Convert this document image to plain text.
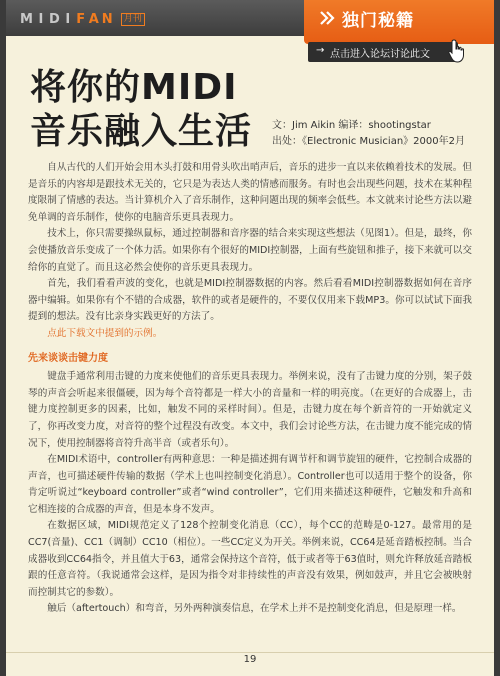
M I D I F A N	月刊	独门秘籍
→ 点击进入论坛讨论此文
将你的MIDI
音乐融入生活 文：Jim Aikin 编译：shootingstar
出处：《Electronic Musician》2000年2月

自从古代的人们开始会用木头打鼓和用骨头吹出哨声后，音乐的进步一直以来依赖着技术的发展。但是音乐的内容却是跟技术无关的，它只是为表达人类的情感而服务。有时也会出现些问题，技术在某种程度限制了情感的表达。当计算机介入了音乐制作，这种问题出现的频率会低些。本文就来讨论些方法以避免单调的音乐制作，使你的电脑音乐更具表现力。

技术上，你只需要操纵鼠标，通过控制器和音序器的结合来实现这些想法（见图1）。但是，最终，你会使播放音乐变成了一个体力活。如果你有个很好的MIDI控制器，上面有些旋钮和推子，接下来就可以交给你的直觉了。而且这必然会使你的音乐更具表现力。

首先，我们看看声波的变化，也就是MIDI控制器数据的内容。然后看看MIDI控制器数据如何在音序器中编辑。如果你有个不错的合成器，软件的或者是硬件的，不要仅仅用来下载MP3。你可以试试下面我提到的想法。没有比亲身实践更好的方法了。

点此下载文中提到的示例。

先来谈谈击键力度

键盘手通常利用击键的力度来使他们的音乐更具表现力。举例来说，没有了击键力度的分别，架子鼓琴的声音会听起来很僵硬，因为每个音符都是一样大小的音量和一样的明亮度。（在更好的合成器上，击键力度控制更多的因素，比如，触发不同的采样时间）。但是，击键力度在每个新音符的一开始就定义了，你再改变力度，对音符的整个过程没有改变。本文中，我们会讨论些方法，在击键力度不能完成的情况下，使用控制器将音符升高半音（或者乐句）。

在MIDI术语中，controller有两种意思：一种是描述拥有调节杆和调节旋钮的硬件，它控制合成器的声音，也可描述硬件传输的数据（学术上也叫控制变化消息）。Controller也可以适用于整个的设备，你肯定听说过“keyboard controller”或者“wind controller”，它们用来描述这种硬件，它触发和升高和它相连接的合成器的声音，但是本身不发声。

在数据区域，MIDI规范定义了128个控制变化消息（CC），每个CC的范畴是0-127。最常用的是CC7(音量)、CC1（调制）CC10（相位）。一些CC定义为开关。举例来说，CC64是延音踏板控制。当合成器收到CC64指令，并且值大于63，通常会保持这个音符，低于或者等于63值时，则允许释放延音踏板跟的任意音符。（我说通常会这样，是因为指令对非持续性的声音没有效果，例如鼓声，并且它会被映射而控制其它的参数）。

触后（aftertouch）和弯音，另外两种演奏信息，在学术上并不是控制变化消息，但是原理一样。

19
